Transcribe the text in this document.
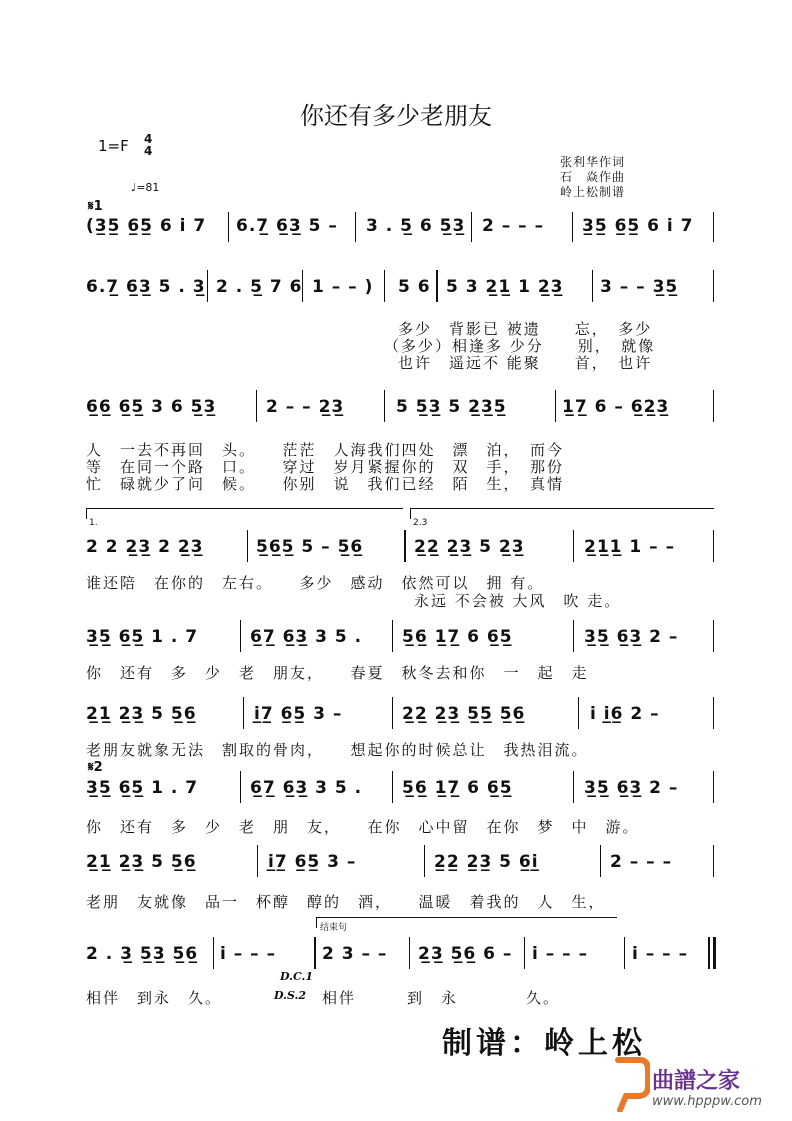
你还有多少老朋友
1=F 4
4
张利华作词
石　焱作曲
岭上松制谱
♩=81
𝄋1
(3̲5̲ 6̲5̲ 6 i 7 6.7̲ 6̲3̲ 5 – 3 . 5̲ 6 5̲3̲ 2 – – – 3̲5̲ 6̲5̲ 6 i 7
6.7̲ 6̲3̲ 5 . 3̲ 2 . 5̲ 7 6 1 – – ) 5 6 5 3 2̲1̲ 1 2̲3̲ 3 – – 3̲5̲
多少　背影已 被遗　　忘，　多少
（多少）相逢多 少分　　别，　就像
也许　遥远不 能聚　　首，　也许
6̲6̲ 6̲5̲ 3 6 5̲3̲	2 – – 2̲3̲	5 5̲3̲ 5 2̲3̲5̲	1̲7̲ 6 – 6̲2̲3̲
人　一去不再回　头。　　茫茫　人海我们四处　漂　泊，　而今
等　在同一个路　口。　　穿过　岁月紧握你的　双　手，　那份
忙　碌就少了问　候。　　你别　说　我们已经　陌　生，　真情
1.	2.3
2 2 2̲3̲ 2 2̲3̲	5̲6̲5̲ 5 – 5̲6̲	2̲2̲ 2̲3̲ 5 2̲3̲	2̲1̲1̲ 1 – –
谁还陪　在你的　左右。　　多少　感动　依然可以　拥 有。
永远 不会被 大风　吹 走。
3̲5̲ 6̲5̲ 1 . 7	6̲7̲ 6̲3̲ 3 5 . 5̲6̲ 1̲7̲ 6 6̲5̲	3̲5̲ 6̲3̲ 2 –
你　还有　多　少　老　朋友，　　春夏　秋冬去和你　一　起　走
2̲1̲ 2̲3̲ 5 5̲6̲	i̲7̲ 6̲5̲ 3 –	2̲2̲ 2̲3̲ 5̲5̲ 5̲6̲	i i̲6̲ 2 –
老朋友就象无法　割取的骨肉，　　想起你的时候总让　我热泪流。
𝄋2
3̲5̲ 6̲5̲ 1 . 7	6̲7̲ 6̲3̲ 3 5 . 5̲6̲ 1̲7̲ 6 6̲5̲	3̲5̲ 6̲3̲ 2 –
你　还有　多　少　老　朋　友，　　在你　心中留　在你　梦　中　游。
2̲1̲ 2̲3̲ 5 5̲6̲	i̲7̲ 6̲5̲ 3 –	2̲2̲ 2̲3̲ 5 6̲i̲	2 – – –
老朋　友就像　品一　杯醇　醇的　酒，　　温暖　着我的　人　生，
结束句
2 . 3̲ 5̲3̲ 5̲6̲ i – – –	2 3 – – 2̲3̲ 5̲6̲ 6 – i – – –	i – – –
D.C.1
D.S.2
相伴　到永　久。	相伴　　　到　永　　　　久。
制谱：岭上松
曲譜之家
www.hpppw.com
